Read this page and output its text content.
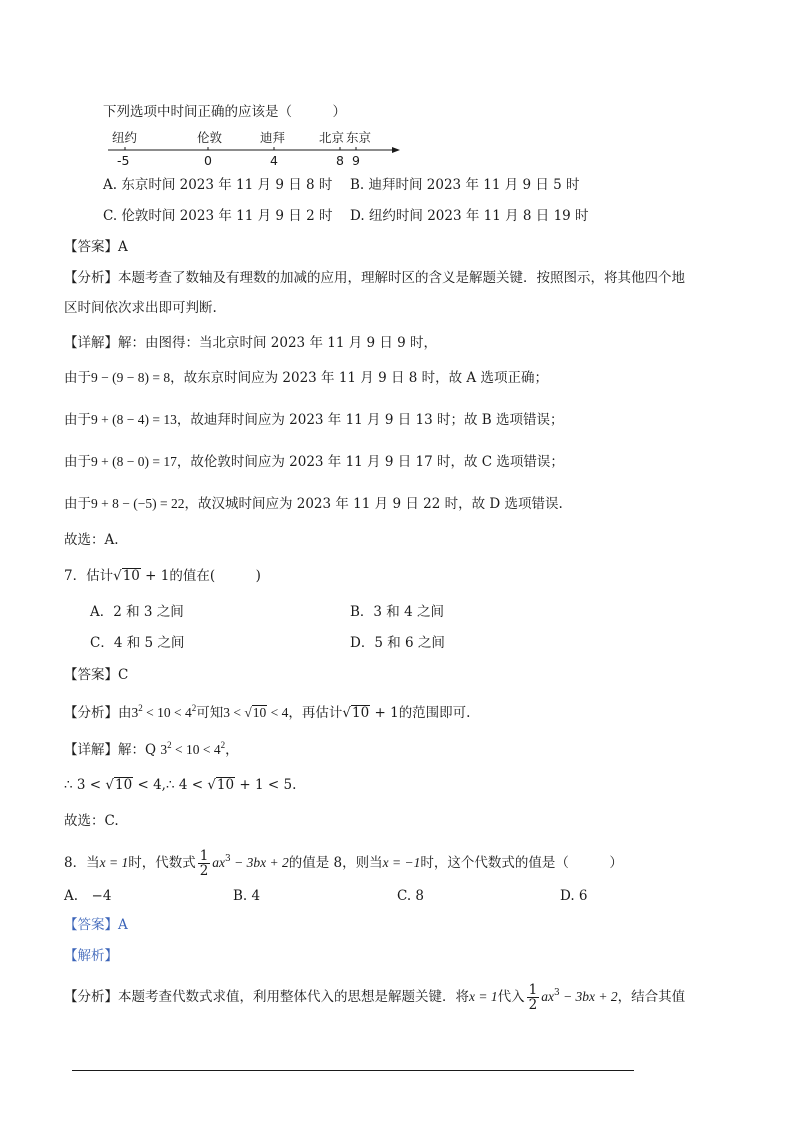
下列选项中时间正确的应该是（　　　）
纽约	伦敦	迪拜	北京 东京
-5	0	4	8 9
A. 东京时间 2023 年 11 月 9 日 8 时 B. 迪拜时间 2023 年 11 月 9 日 5 时
C. 伦敦时间 2023 年 11 月 9 日 2 时 D. 纽约时间 2023 年 11 月 8 日 19 时
【答案】A
【分析】本题考查了数轴及有理数的加减的应用，理解时区的含义是解题关键．按照图示，将其他四个地
区时间依次求出即可判断.
【详解】解：由图得：当北京时间 2023 年 11 月 9 日 9 时，
由于9 − (9 − 8) = 8，故东京时间应为 2023 年 11 月 9 日 8 时，故 A 选项正确；
由于9 + (8 − 4) = 13，故迪拜时间应为 2023 年 11 月 9 日 13 时；故 B 选项错误；
由于9 + (8 − 0) = 17，故伦敦时间应为 2023 年 11 月 9 日 17 时，故 C 选项错误；
由于9 + 8 − (−5) = 22，故汉城时间应为 2023 年 11 月 9 日 22 时，故 D 选项错误.
故选：A.
7．估计√10 + 1的值在(　　　)
A．2 和 3 之间	B．3 和 4 之间
C．4 和 5 之间	D．5 和 6 之间
【答案】C
【分析】由$3^2 < 10 < 4^2$可知3 < √10 < 4，再估计√10 + 1的范围即可.
【详解】解：Q $3^2 < 10 < 4^2$，
∴ 3 < √10 < 4,∴ 4 < √10 + 1 < 5.
故选：C.
8．当x = 1时，代数式 $\frac{1}{2} ax^3 - 3bx + 2$的值是 8，则当x = −1时，这个代数式的值是（　　　）
A.　−4	B. 4	C. 8	D. 6
【答案】A
【解析】
【分析】本题考查代数式求值，利用整体代入的思想是解题关键．将x = 1代入 $\frac{1}{2} ax^3 - 3bx + 2$，结合其值
